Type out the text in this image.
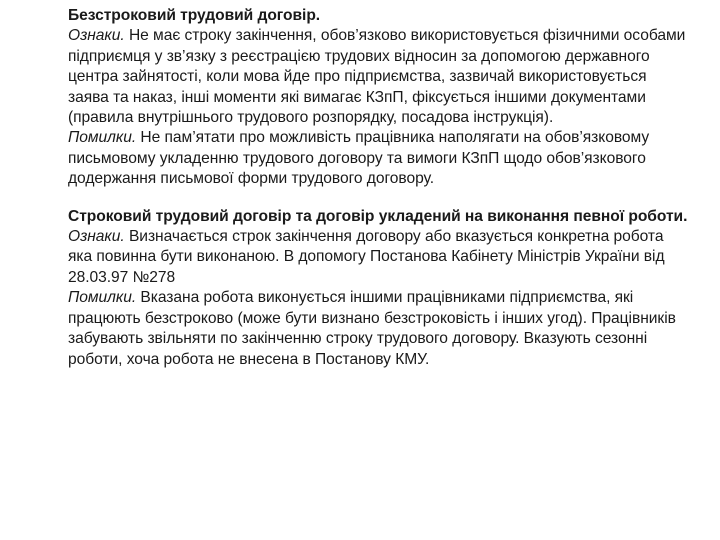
Безстроковий трудовий договір.
Ознаки. Не має строку закінчення, обов’язково використовується фізичними особами підприємця у зв’язку з реєстрацією трудових відносин за допомогою державного центра зайнятості, коли мова йде про підприємства, зазвичай використовується заява та наказ, інші моменти які вимагає КЗпП, фіксується іншими документами (правила внутрішнього трудового розпорядку, посадова інструкція).
Помилки. Не пам’ятати про можливість працівника наполягати на обов’язковому письмовому укладенню трудового договору та вимоги КЗпП щодо обов’язкового додержання письмової форми трудового договору.
Строковий трудовий договір та договір укладений на виконання певної роботи.
Ознаки. Визначається строк закінчення договору або вказується конкретна робота яка повинна бути виконаною. В допомогу Постанова Кабінету Міністрів України від 28.03.97 №278
Помилки. Вказана робота виконується іншими працівниками підприємства, які працюють безстроково (може бути визнано безстроковість і інших угод). Працівників забувають звільняти по закінченню строку трудового договору. Вказують сезонні роботи, хоча робота не внесена в Постанову КМУ.
